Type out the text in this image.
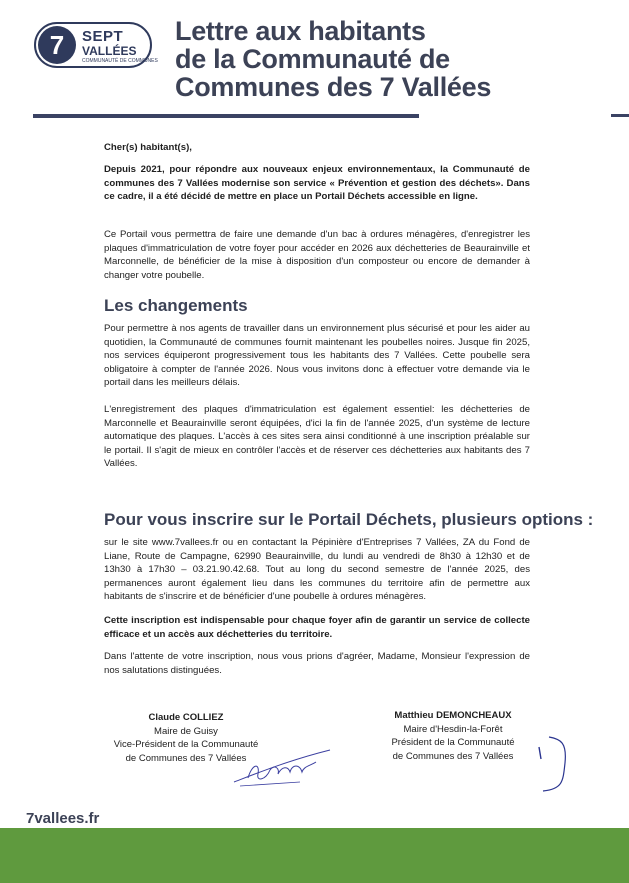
7	SEPT
VALLÉES
COMMUNAUTÉ DE COMMUNES
Lettre aux habitants
de la Communauté de
Communes des 7 Vallées
Cher(s) habitant(s),
Depuis 2021, pour répondre aux nouveaux enjeux environnementaux, la Communauté de communes des 7 Vallées modernise son service « Prévention et gestion des déchets». Dans ce cadre, il a été décidé de mettre en place un Portail Déchets accessible en ligne.
Ce Portail vous permettra de faire une demande d'un bac à ordures ménagères, d'enregistrer les plaques d'immatriculation de votre foyer pour accéder en 2026 aux déchetteries de Beaurainville et Marconnelle, de bénéficier de la mise à disposition d'un composteur ou encore de demander à changer votre poubelle.
Les changements
Pour permettre à nos agents de travailler dans un environnement plus sécurisé et pour les aider au quotidien, la Communauté de communes fournit maintenant les poubelles noires. Jusque fin 2025, nos services équiperont progressivement tous les habitants des 7 Vallées. Cette poubelle sera obligatoire à compter de l'année 2026. Nous vous invitons donc à effectuer votre demande via le portail dans les meilleurs délais.
L'enregistrement des plaques d'immatriculation est également essentiel: les déchetteries de Marconnelle et Beaurainville seront équipées, d'ici la fin de l'année 2025, d'un système de lecture automatique des plaques. L'accès à ces sites sera ainsi conditionné à une inscription préalable sur le portail. Il s'agit de mieux en contrôler l'accès et de réserver ces déchetteries aux habitants des 7 Vallées.
Pour vous inscrire sur le Portail Déchets, plusieurs options :
sur le site www.7vallees.fr ou en contactant la Pépinière d'Entreprises 7 Vallées, ZA du Fond de Liane, Route de Campagne, 62990 Beaurainville, du lundi au vendredi de 8h30 à 12h30 et de 13h30 à 17h30 – 03.21.90.42.68. Tout au long du second semestre de l'année 2025, des permanences auront également lieu dans les communes du territoire afin de permettre aux habitants de s'inscrire et de bénéficier d'une poubelle à ordures ménagères.
Cette inscription est indispensable pour chaque foyer afin de garantir un service de collecte efficace et un accès aux déchetteries du territoire.
Dans l'attente de votre inscription, nous vous prions d'agréer, Madame, Monsieur l'expression de nos salutations distinguées.
Claude COLLIEZ
Maire de Guisy
Vice-Président de la Communauté
de Communes des 7 Vallées
Matthieu DEMONCHEAUX
Maire d'Hesdin-la-Forêt
Président de la Communauté
de Communes des 7 Vallées
7vallees.fr
